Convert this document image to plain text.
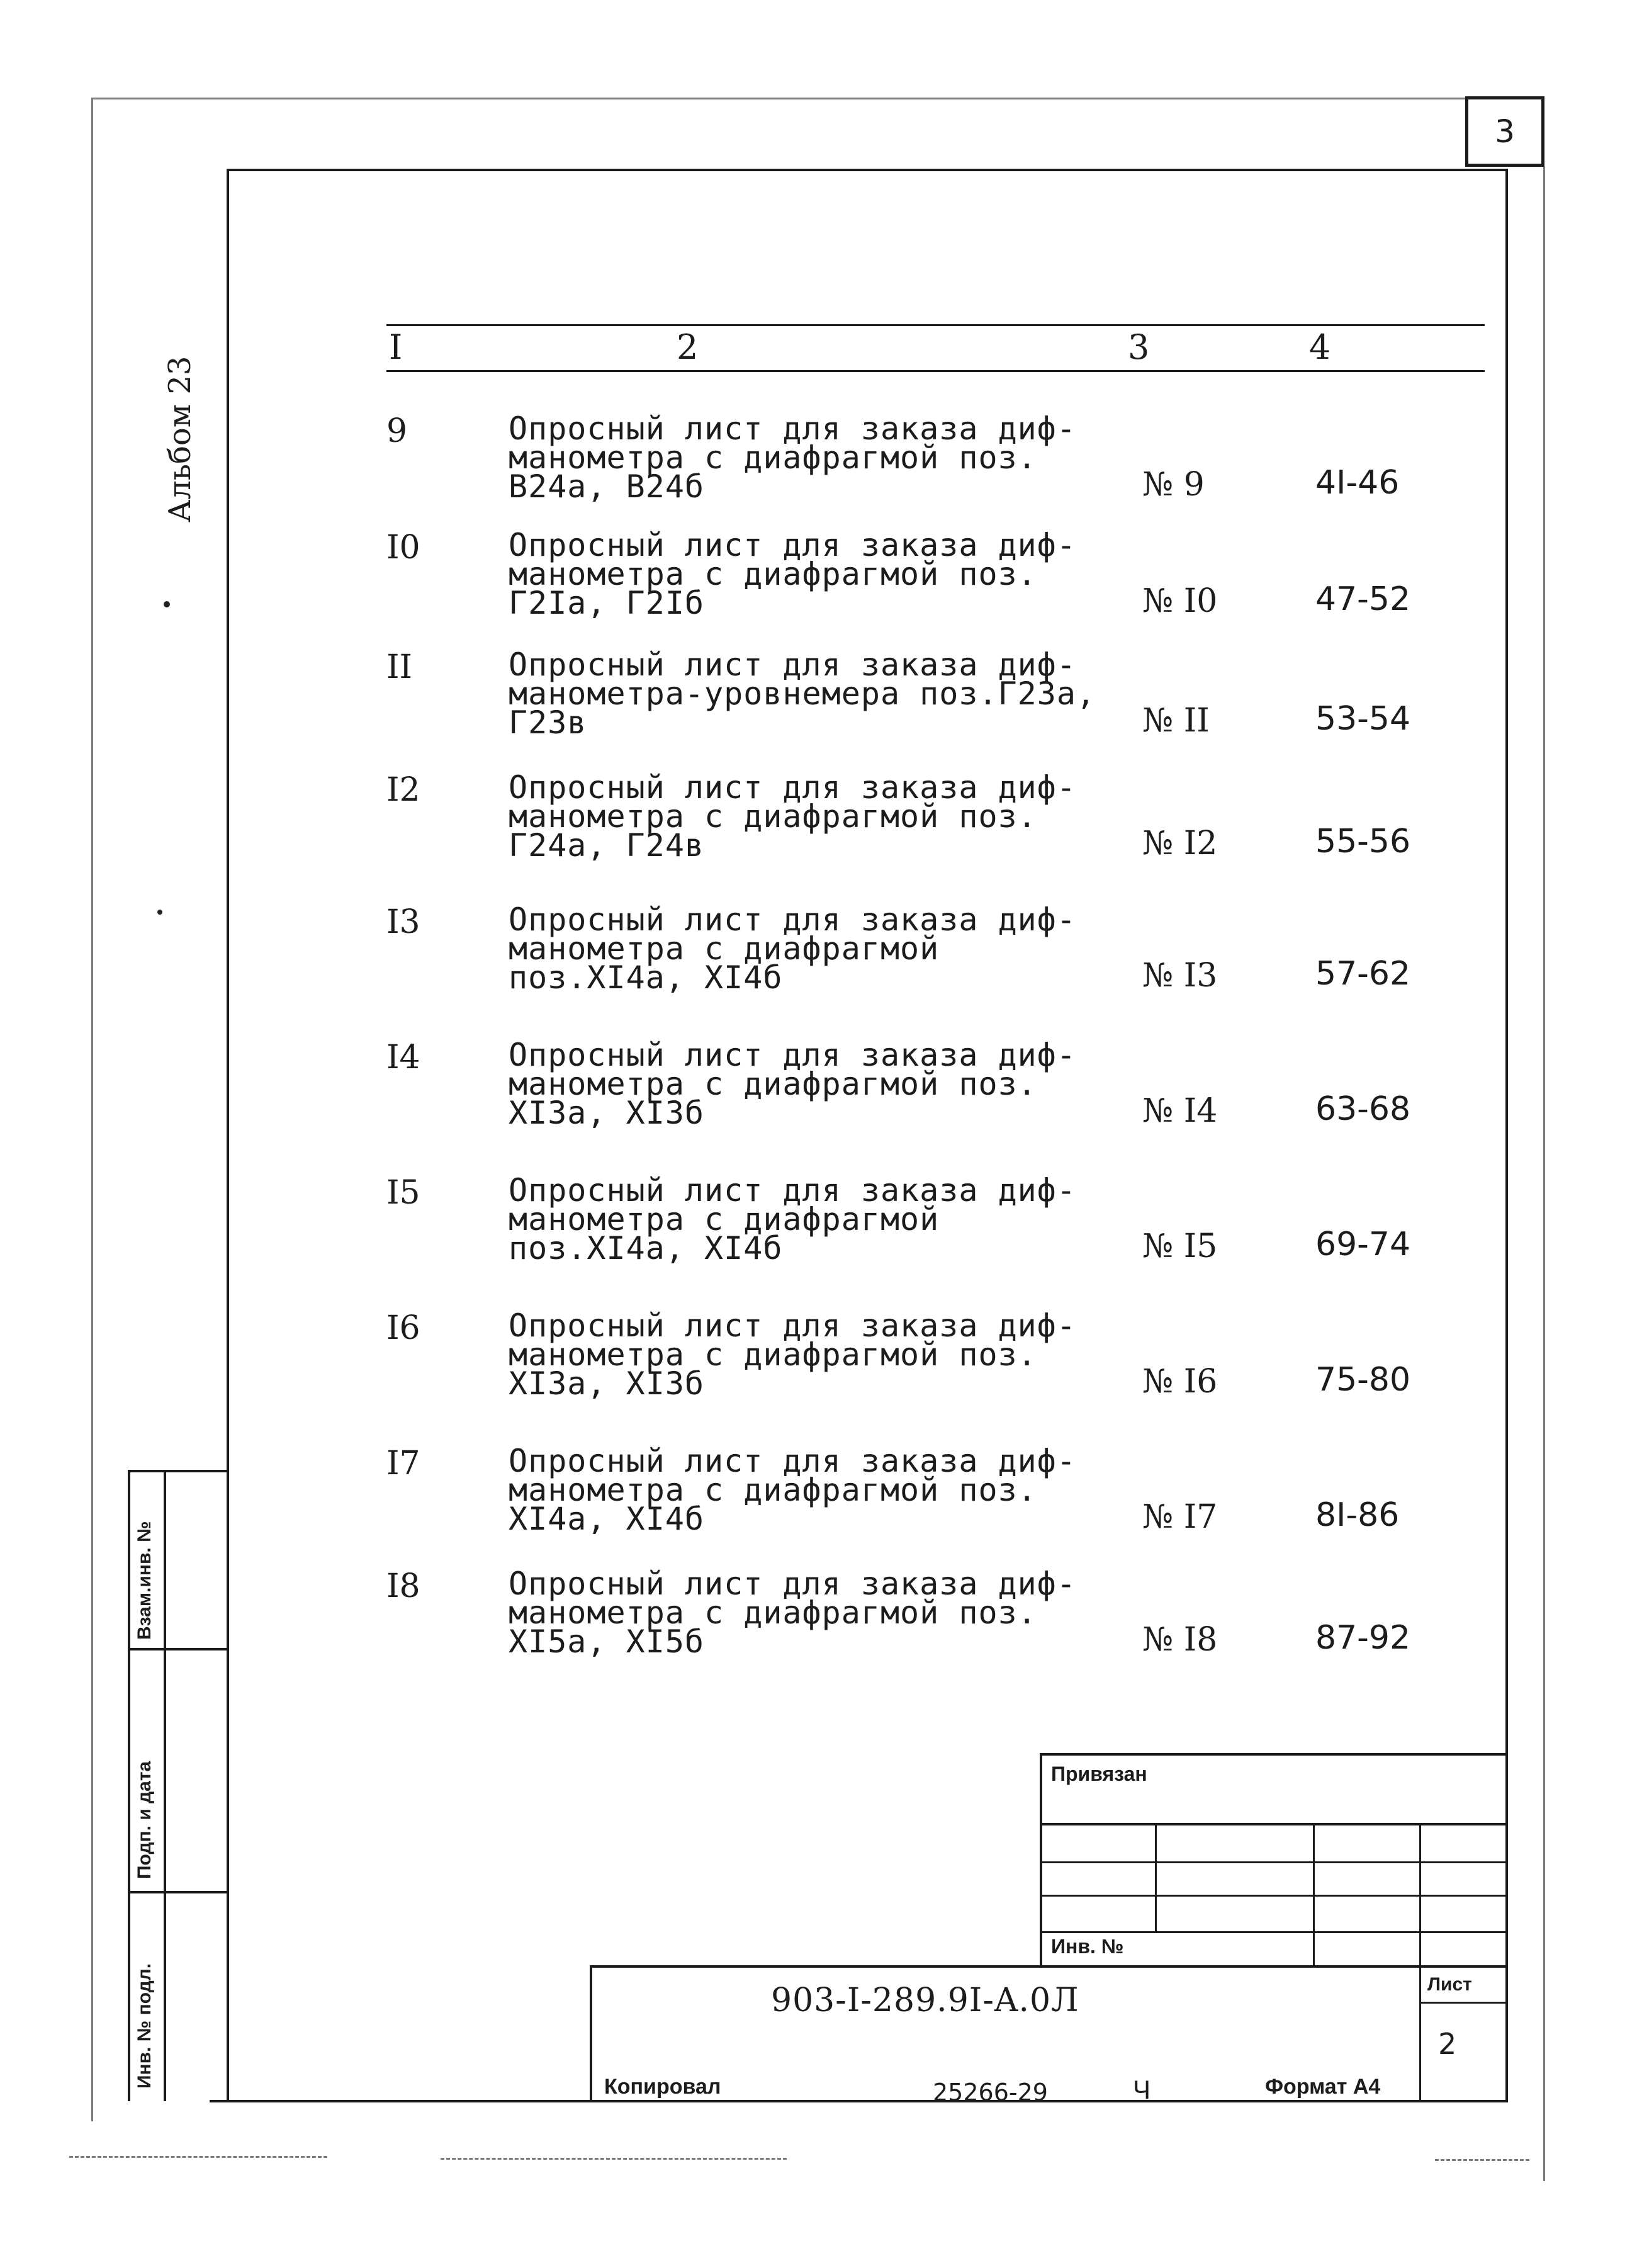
3
Альбом 23
I	2	3	4
9	Опросный лист для заказа диф-
манометра с диафрагмой поз.
B24a, B24б	№ 9	4I-46
I0	Опросный лист для заказа диф-
манометра с диафрагмой поз.
Г2Iа, Г2Iб	№ I0	47-52
II	Опросный лист для заказа диф-
манометра-уровнемера поз.Г23а,
Г23в	№ II	53-54
I2	Опросный лист для заказа диф-
манометра с диафрагмой поз.
Г24а, Г24в	№ I2	55-56
I3	Опросный лист для заказа диф-
манометра с диафрагмой
поз.XI4а, XI4б	№ I3	57-62
I4	Опросный лист для заказа диф-
манометра с диафрагмой поз.
XI3а, XI3б	№ I4	63-68
I5	Опросный лист для заказа диф-
манометра с диафрагмой
поз.XI4а, XI4б	№ I5	69-74
I6	Опросный лист для заказа диф-
манометра с диафрагмой поз.
XI3а, XI3б	№ I6	75-80
I7	Опросный лист для заказа диф-
манометра с диафрагмой поз.
XI4а, XI4б	№ I7	8I-86
I8	Опросный лист для заказа диф-
манометра с диафрагмой поз.
XI5а, XI5б	№ I8	87-92
Взам.инв. №
Подп. и дата
Инв. № подл.
Привязан
Инв. №
903-I-289.9I-A.0Л	Лист
2
Копировал	25266-29	Ч	Формат А4
